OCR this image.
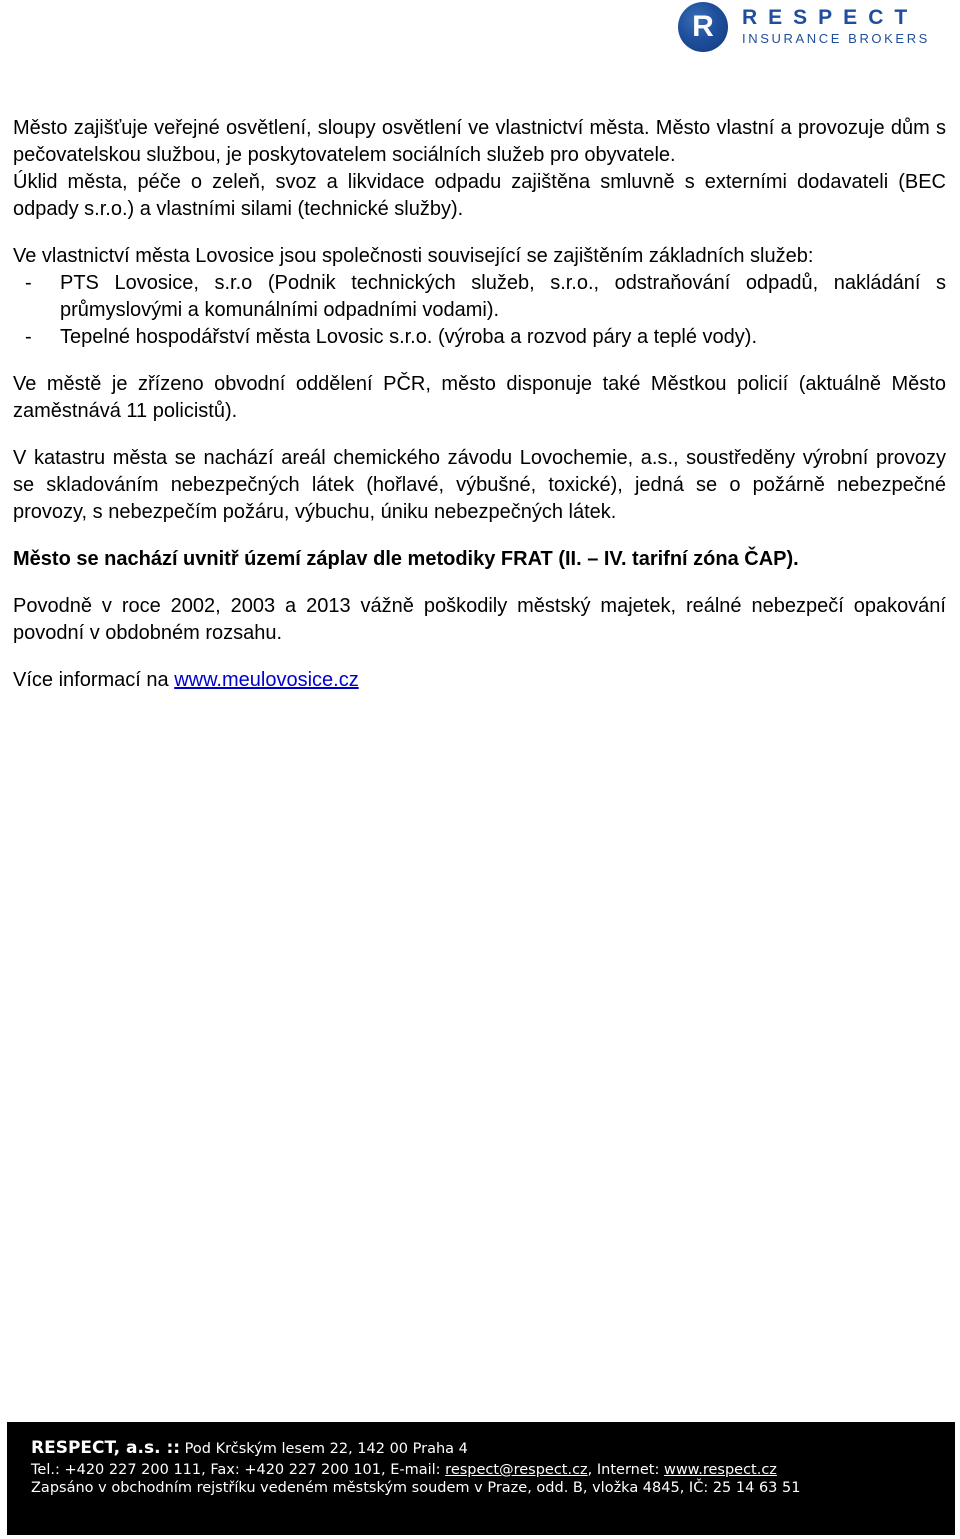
R	RESPECT
INSURANCE BROKERS

Město zajišťuje veřejné osvětlení, sloupy osvětlení ve vlastnictví města. Město vlastní a provozuje dům s pečovatelskou službou, je poskytovatelem sociálních služeb pro obyvatele.

Úklid města, péče o zeleň, svoz a likvidace odpadu zajištěna smluvně s externími dodavateli (BEC odpady s.r.o.) a vlastními silami (technické služby).

Ve vlastnictví města Lovosice jsou společnosti související se zajištěním základních služeb:

-	PTS Lovosice, s.r.o (Podnik technických služeb, s.r.o., odstraňování odpadů, nakládání s průmyslovými a komunálními odpadními vodami).
-	Tepelné hospodářství města Lovosic s.r.o. (výroba a rozvod páry a teplé vody).

Ve městě je zřízeno obvodní oddělení PČR, město disponuje také Městkou policií (aktuálně Město zaměstnává 11 policistů).

V katastru města se nachází areál chemického závodu Lovochemie, a.s., soustředěny výrobní provozy se skladováním nebezpečných látek (hořlavé, výbušné, toxické), jedná se o požárně nebezpečné provozy, s nebezpečím požáru, výbuchu, úniku nebezpečných látek.

Město se nachází uvnitř území záplav dle metodiky FRAT (II. – IV. tarifní zóna ČAP).

Povodně v roce 2002, 2003 a 2013 vážně poškodily městský majetek, reálné nebezpečí opakování povodní v obdobném rozsahu.

Více informací na www.meulovosice.cz

RESPECT, a.s. :: Pod Krčským lesem 22, 142 00 Praha 4
Tel.: +420 227 200 111, Fax: +420 227 200 101, E-mail: respect@respect.cz, Internet: www.respect.cz
Zapsáno v obchodním rejstříku vedeném městským soudem v Praze, odd. B, vložka 4845, IČ: 25 14 63 51
